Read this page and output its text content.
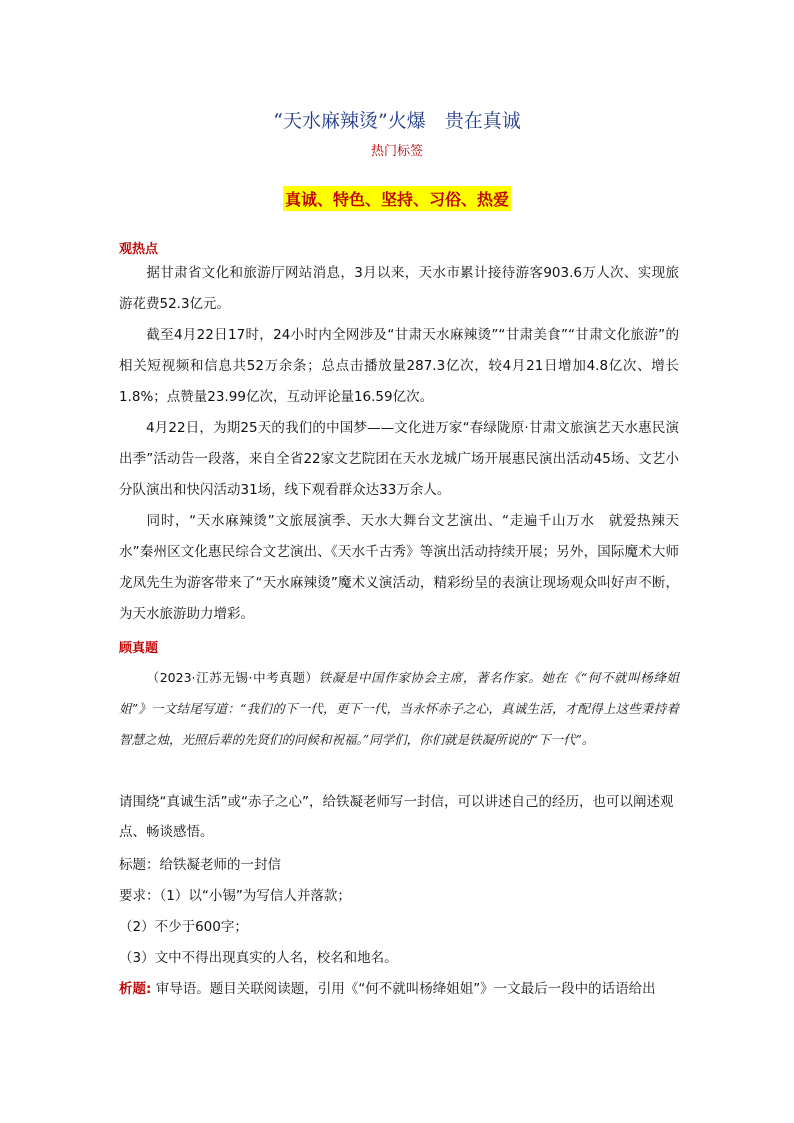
“天水麻辣烫”火爆　贵在真诚
热门标签
真诚、特色、坚持、习俗、热爱
观热点
据甘肃省文化和旅游厅网站消息，3月以来，天水市累计接待游客903.6万人次、实现旅游花费52.3亿元。
截至4月22日17时，24小时内全网涉及“甘肃天水麻辣烫”“甘肃美食”“甘肃文化旅游”的相关短视频和信息共52万余条；总点击播放量287.3亿次，较4月21日增加4.8亿次、增长1.8%；点赞量23.99亿次，互动评论量16.59亿次。
4月22日，为期25天的我们的中国梦——文化进万家“春绿陇原·甘肃文旅演艺天水惠民演出季”活动告一段落，来自全省22家文艺院团在天水龙城广场开展惠民演出活动45场、文艺小分队演出和快闪活动31场，线下观看群众达33万余人。
同时，“天水麻辣烫”文旅展演季、天水大舞台文艺演出、“走遍千山万水　就爱热辣天水”秦州区文化惠民综合文艺演出、《天水千古秀》等演出活动持续开展；另外，国际魔术大师龙凤先生为游客带来了“天水麻辣烫”魔术义演活动，精彩纷呈的表演让现场观众叫好声不断，为天水旅游助力增彩。
顾真题
（2023·江苏无锡·中考真题）铁凝是中国作家协会主席，著名作家。她在《“何不就叫杨绛姐姐”》一文结尾写道：“我们的下一代，更下一代，当永怀赤子之心，真诚生活，才配得上这些秉持着智慧之烛，光照后辈的先贤们的问候和祝福。”同学们，你们就是铁凝所说的“下一代”。
请围绕“真诚生活”或“赤子之心”，给铁凝老师写一封信，可以讲述自己的经历，也可以阐述观点、畅谈感悟。
标题：给铁凝老师的一封信
要求：（1）以“小锡”为写信人并落款；
（2）不少于600字；
（3）文中不得出现真实的人名，校名和地名。
析题: 审导语。题目关联阅读题，引用《“何不就叫杨绛姐姐”》一文最后一段中的话语给出
